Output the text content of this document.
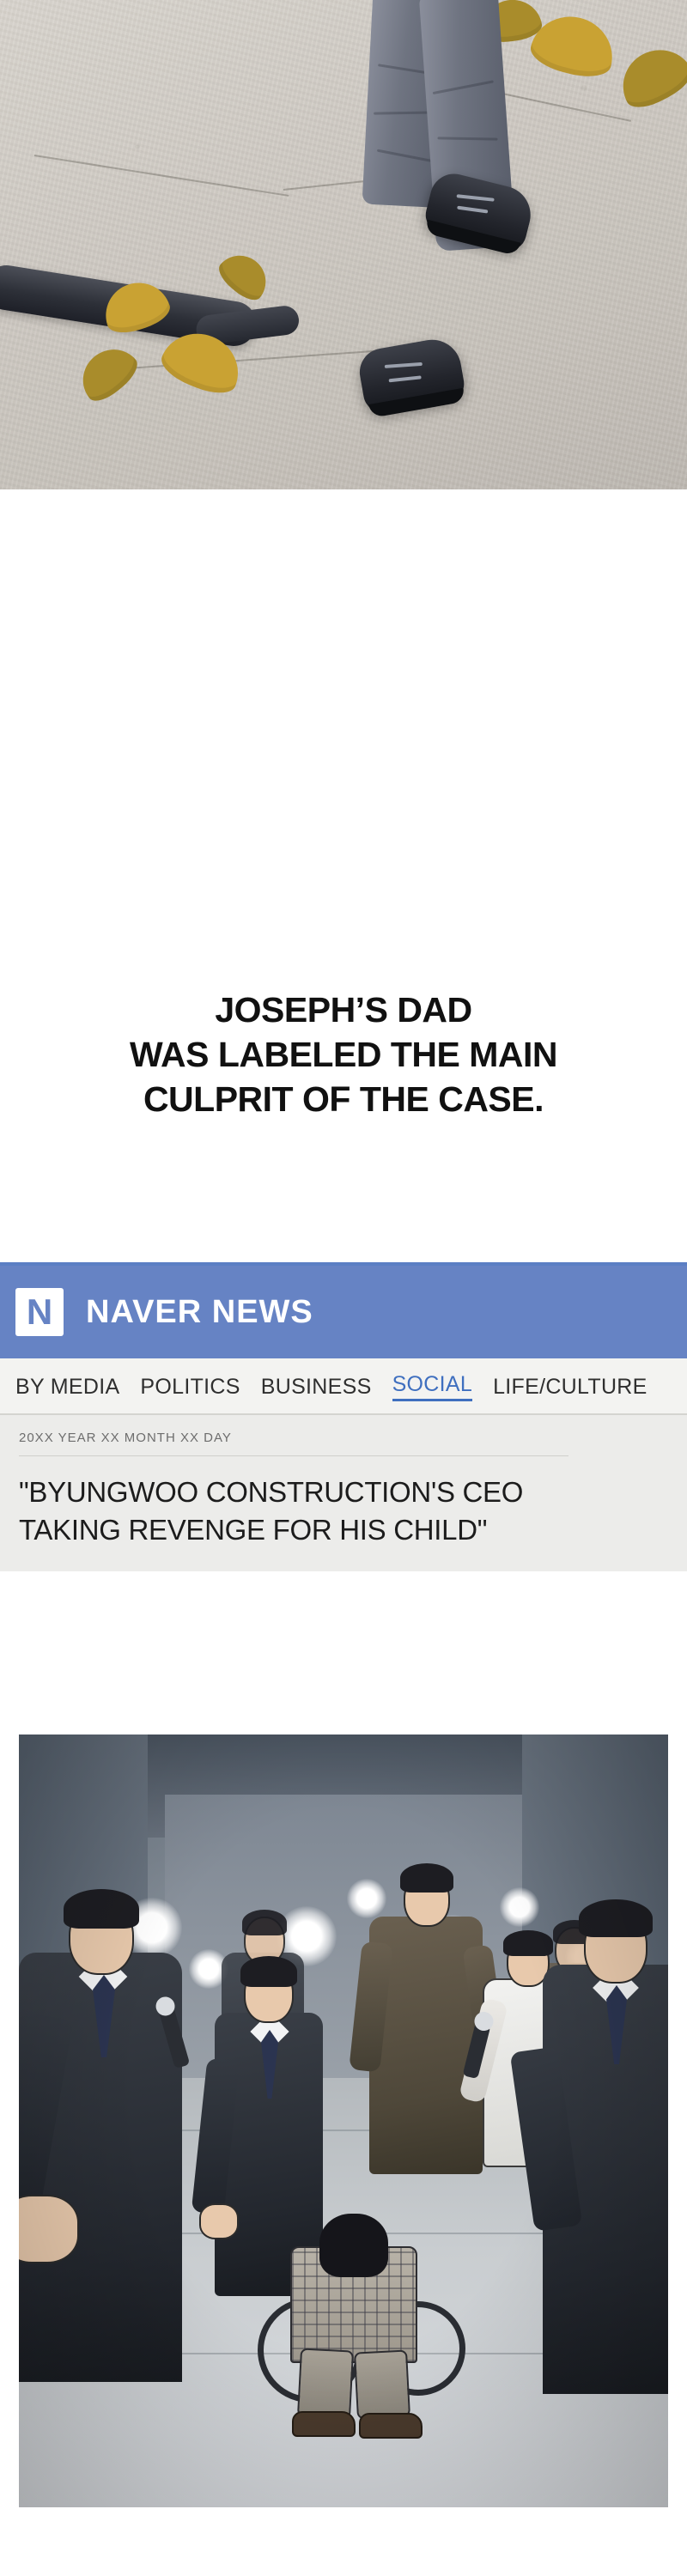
JOSEPH’S DAD
WAS LABELED THE MAIN
CULPRIT OF THE CASE.
N	NAVER NEWS
BY MEDIA POLITICS BUSINESS SOCIAL LIFE/CULTURE
20XX YEAR XX MONTH XX DAY
"BYUNGWOO CONSTRUCTION'S CEO
TAKING REVENGE FOR HIS CHILD"
